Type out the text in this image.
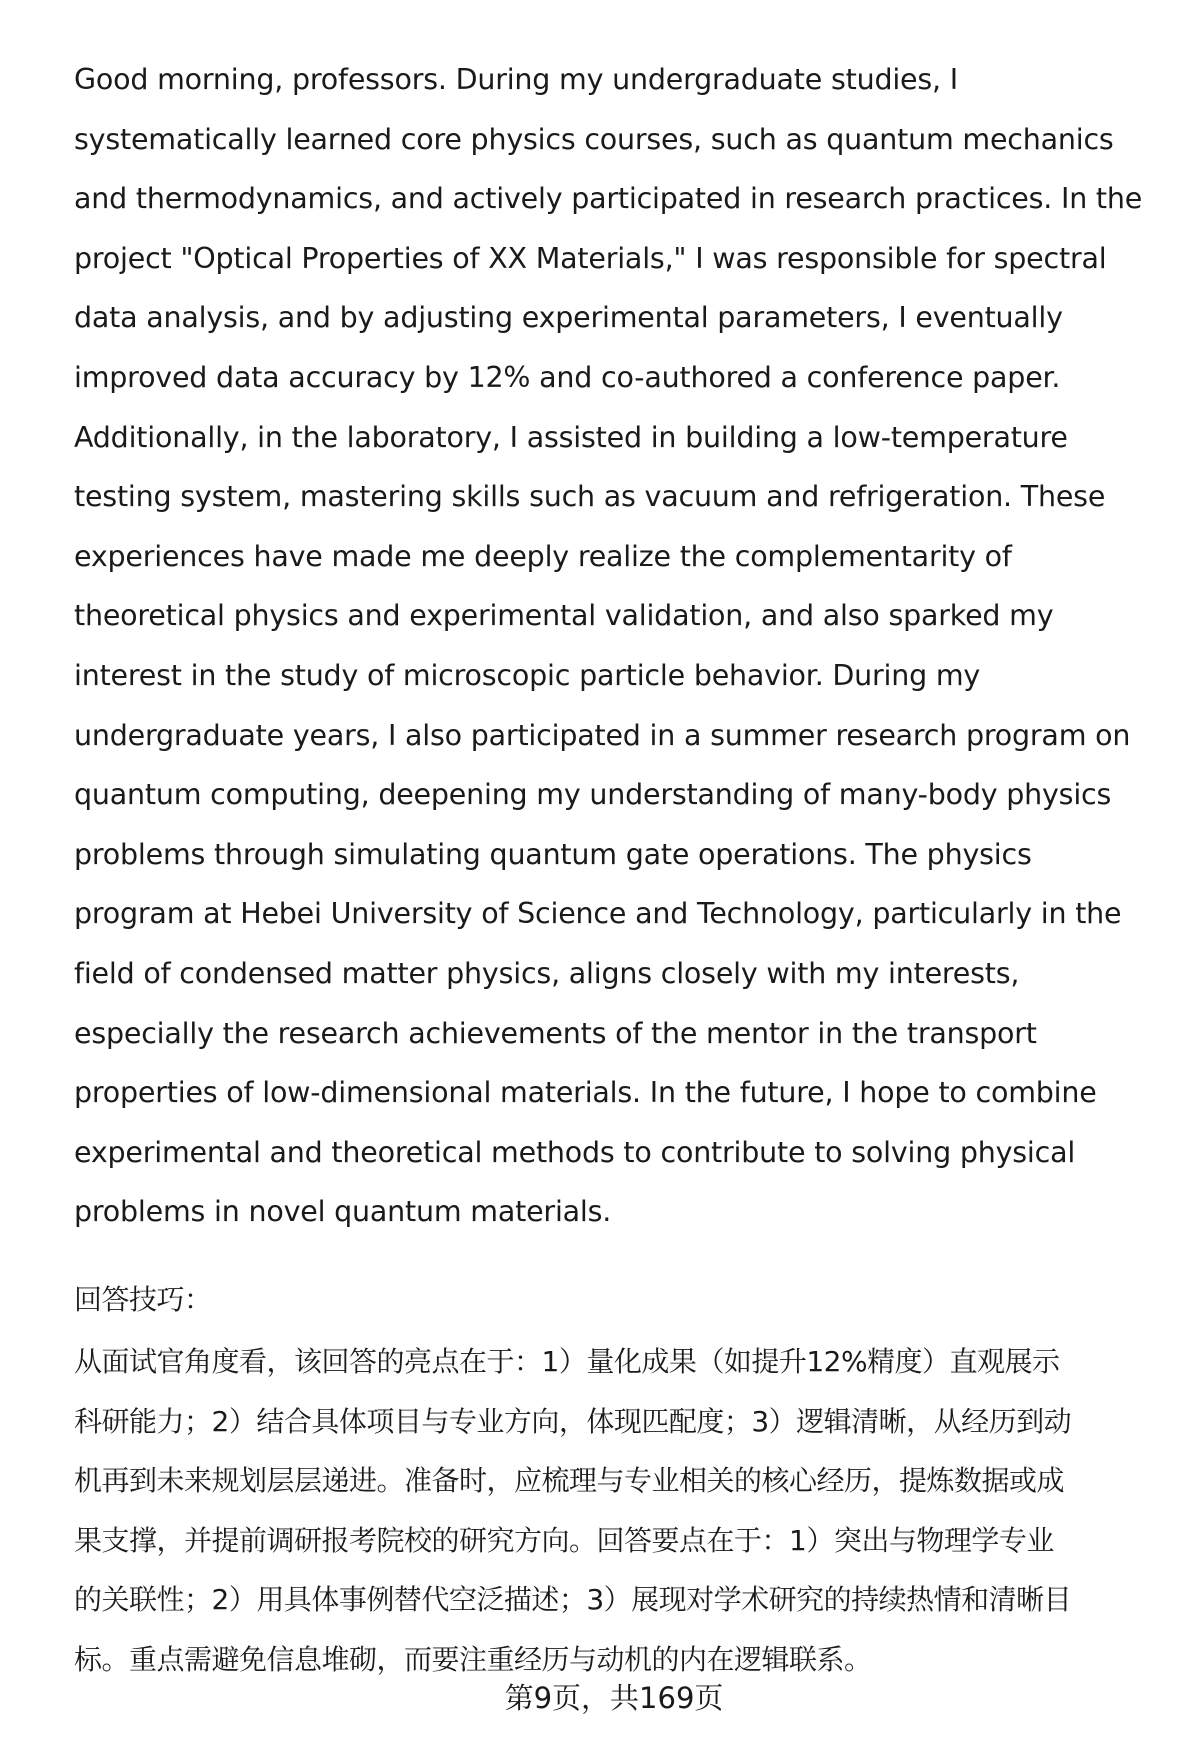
Good morning, professors. During my undergraduate studies, I
systematically learned core physics courses, such as quantum mechanics
and thermodynamics, and actively participated in research practices. In the
project "Optical Properties of XX Materials," I was responsible for spectral
data analysis, and by adjusting experimental parameters, I eventually
improved data accuracy by 12% and co-authored a conference paper.
Additionally, in the laboratory, I assisted in building a low-temperature
testing system, mastering skills such as vacuum and refrigeration. These
experiences have made me deeply realize the complementarity of
theoretical physics and experimental validation, and also sparked my
interest in the study of microscopic particle behavior. During my
undergraduate years, I also participated in a summer research program on
quantum computing, deepening my understanding of many-body physics
problems through simulating quantum gate operations. The physics
program at Hebei University of Science and Technology, particularly in the
field of condensed matter physics, aligns closely with my interests,
especially the research achievements of the mentor in the transport
properties of low-dimensional materials. In the future, I hope to combine
experimental and theoretical methods to contribute to solving physical
problems in novel quantum materials.
回答技巧：
从面试官角度看，该回答的亮点在于：1）量化成果（如提升12%精度）直观展示
科研能力；2）结合具体项目与专业方向，体现匹配度；3）逻辑清晰，从经历到动
机再到未来规划层层递进。准备时，应梳理与专业相关的核心经历，提炼数据或成
果支撑，并提前调研报考院校的研究方向。回答要点在于：1）突出与物理学专业
的关联性；2）用具体事例替代空泛描述；3）展现对学术研究的持续热情和清晰目
标。重点需避免信息堆砌，而要注重经历与动机的内在逻辑联系。
第9页，共169页
